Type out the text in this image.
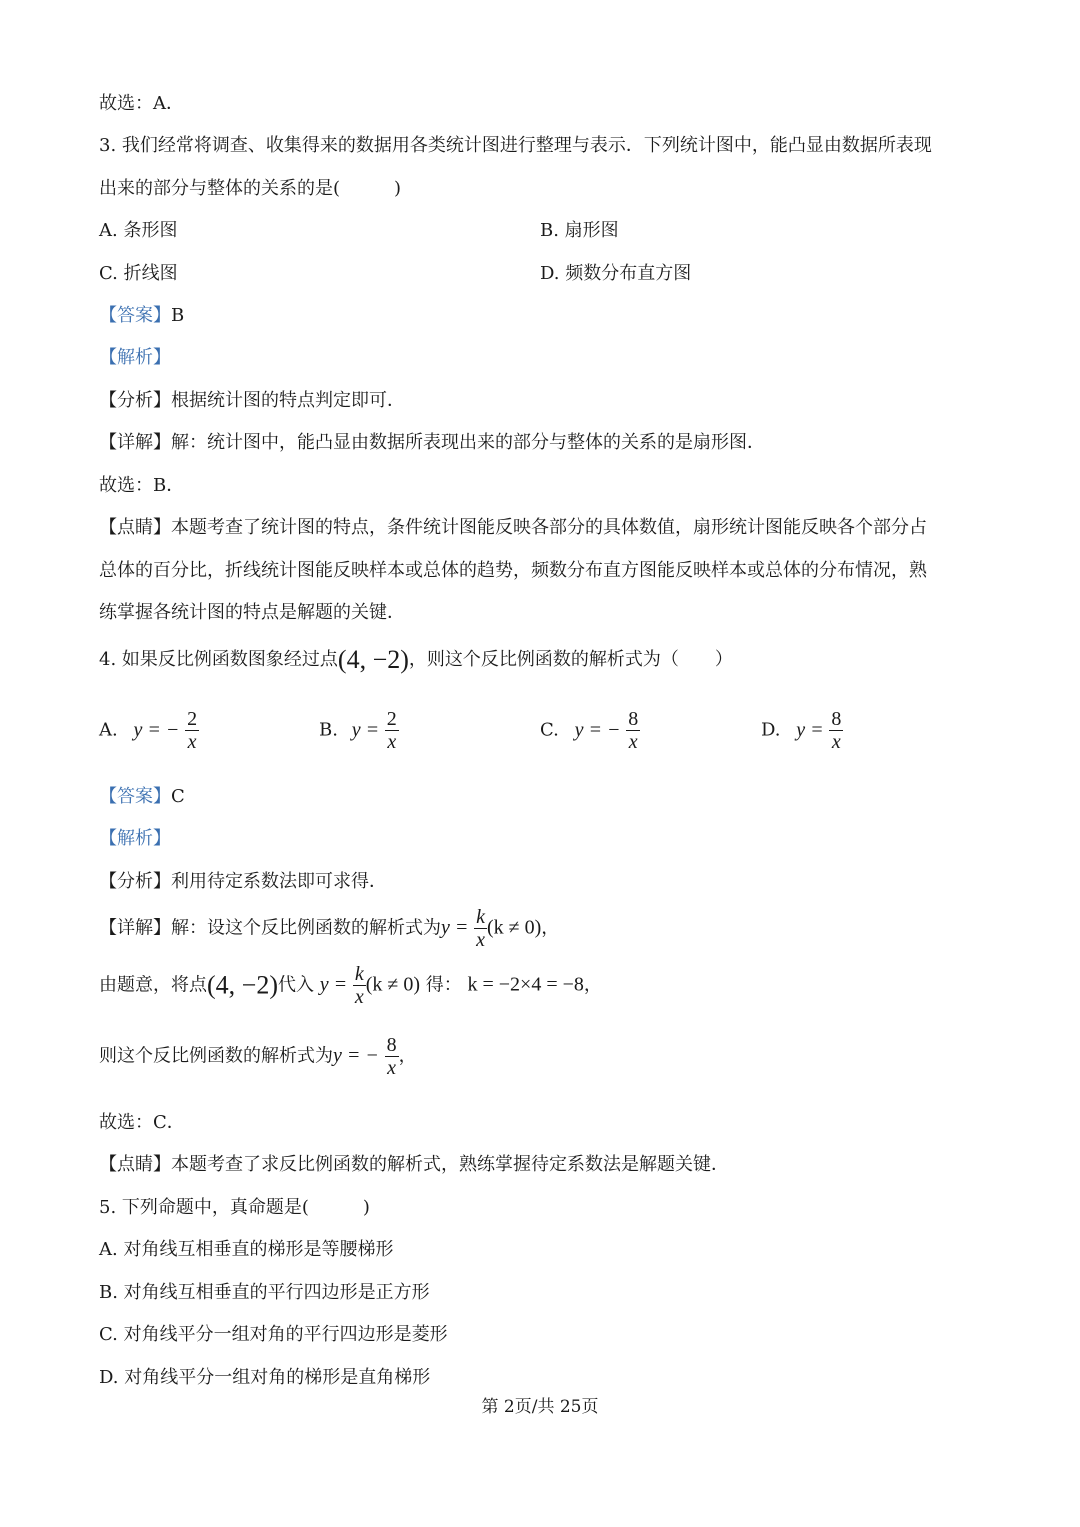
故选：A．
3. 我们经常将调查、收集得来的数据用各类统计图进行整理与表示．下列统计图中，能凸显由数据所表现
出来的部分与整体的关系的是(　　　)
A. 条形图	B. 扇形图
C. 折线图	D. 频数分布直方图
【答案】B
【解析】
【分析】根据统计图的特点判定即可．
【详解】解：统计图中，能凸显由数据所表现出来的部分与整体的关系的是扇形图．
故选：B．
【点睛】本题考查了统计图的特点，条件统计图能反映各部分的具体数值，扇形统计图能反映各个部分占
总体的百分比，折线统计图能反映样本或总体的趋势，频数分布直方图能反映样本或总体的分布情况，熟
练掌握各统计图的特点是解题的关键．
4. 如果反比例函数图象经过点(4, −2)，则这个反比例函数的解析式为（　　）
A. y = − $\frac{2}{x}$	B. $y = \frac{2}{x}$	C. y = − $\frac{8}{x}$	D. $y = \frac{8}{x}$
【答案】C
【解析】
【分析】利用待定系数法即可求得．
【详解】解：设这个反比例函数的解析式为$y = \frac{k}{x} (k \ne 0)$，
由题意，将点(4, −2)代入 $y = \frac{k}{x} (k \ne 0)$ 得： k = −2×4 = −8，
则这个反比例函数的解析式为y = − $\frac{8}{x}$ ，
故选：C．
【点睛】本题考查了求反比例函数的解析式，熟练掌握待定系数法是解题关键．
5. 下列命题中，真命题是(　　　)
A. 对角线互相垂直的梯形是等腰梯形
B. 对角线互相垂直的平行四边形是正方形
C. 对角线平分一组对角的平行四边形是菱形
D. 对角线平分一组对角的梯形是直角梯形
第 2页/共 25页
